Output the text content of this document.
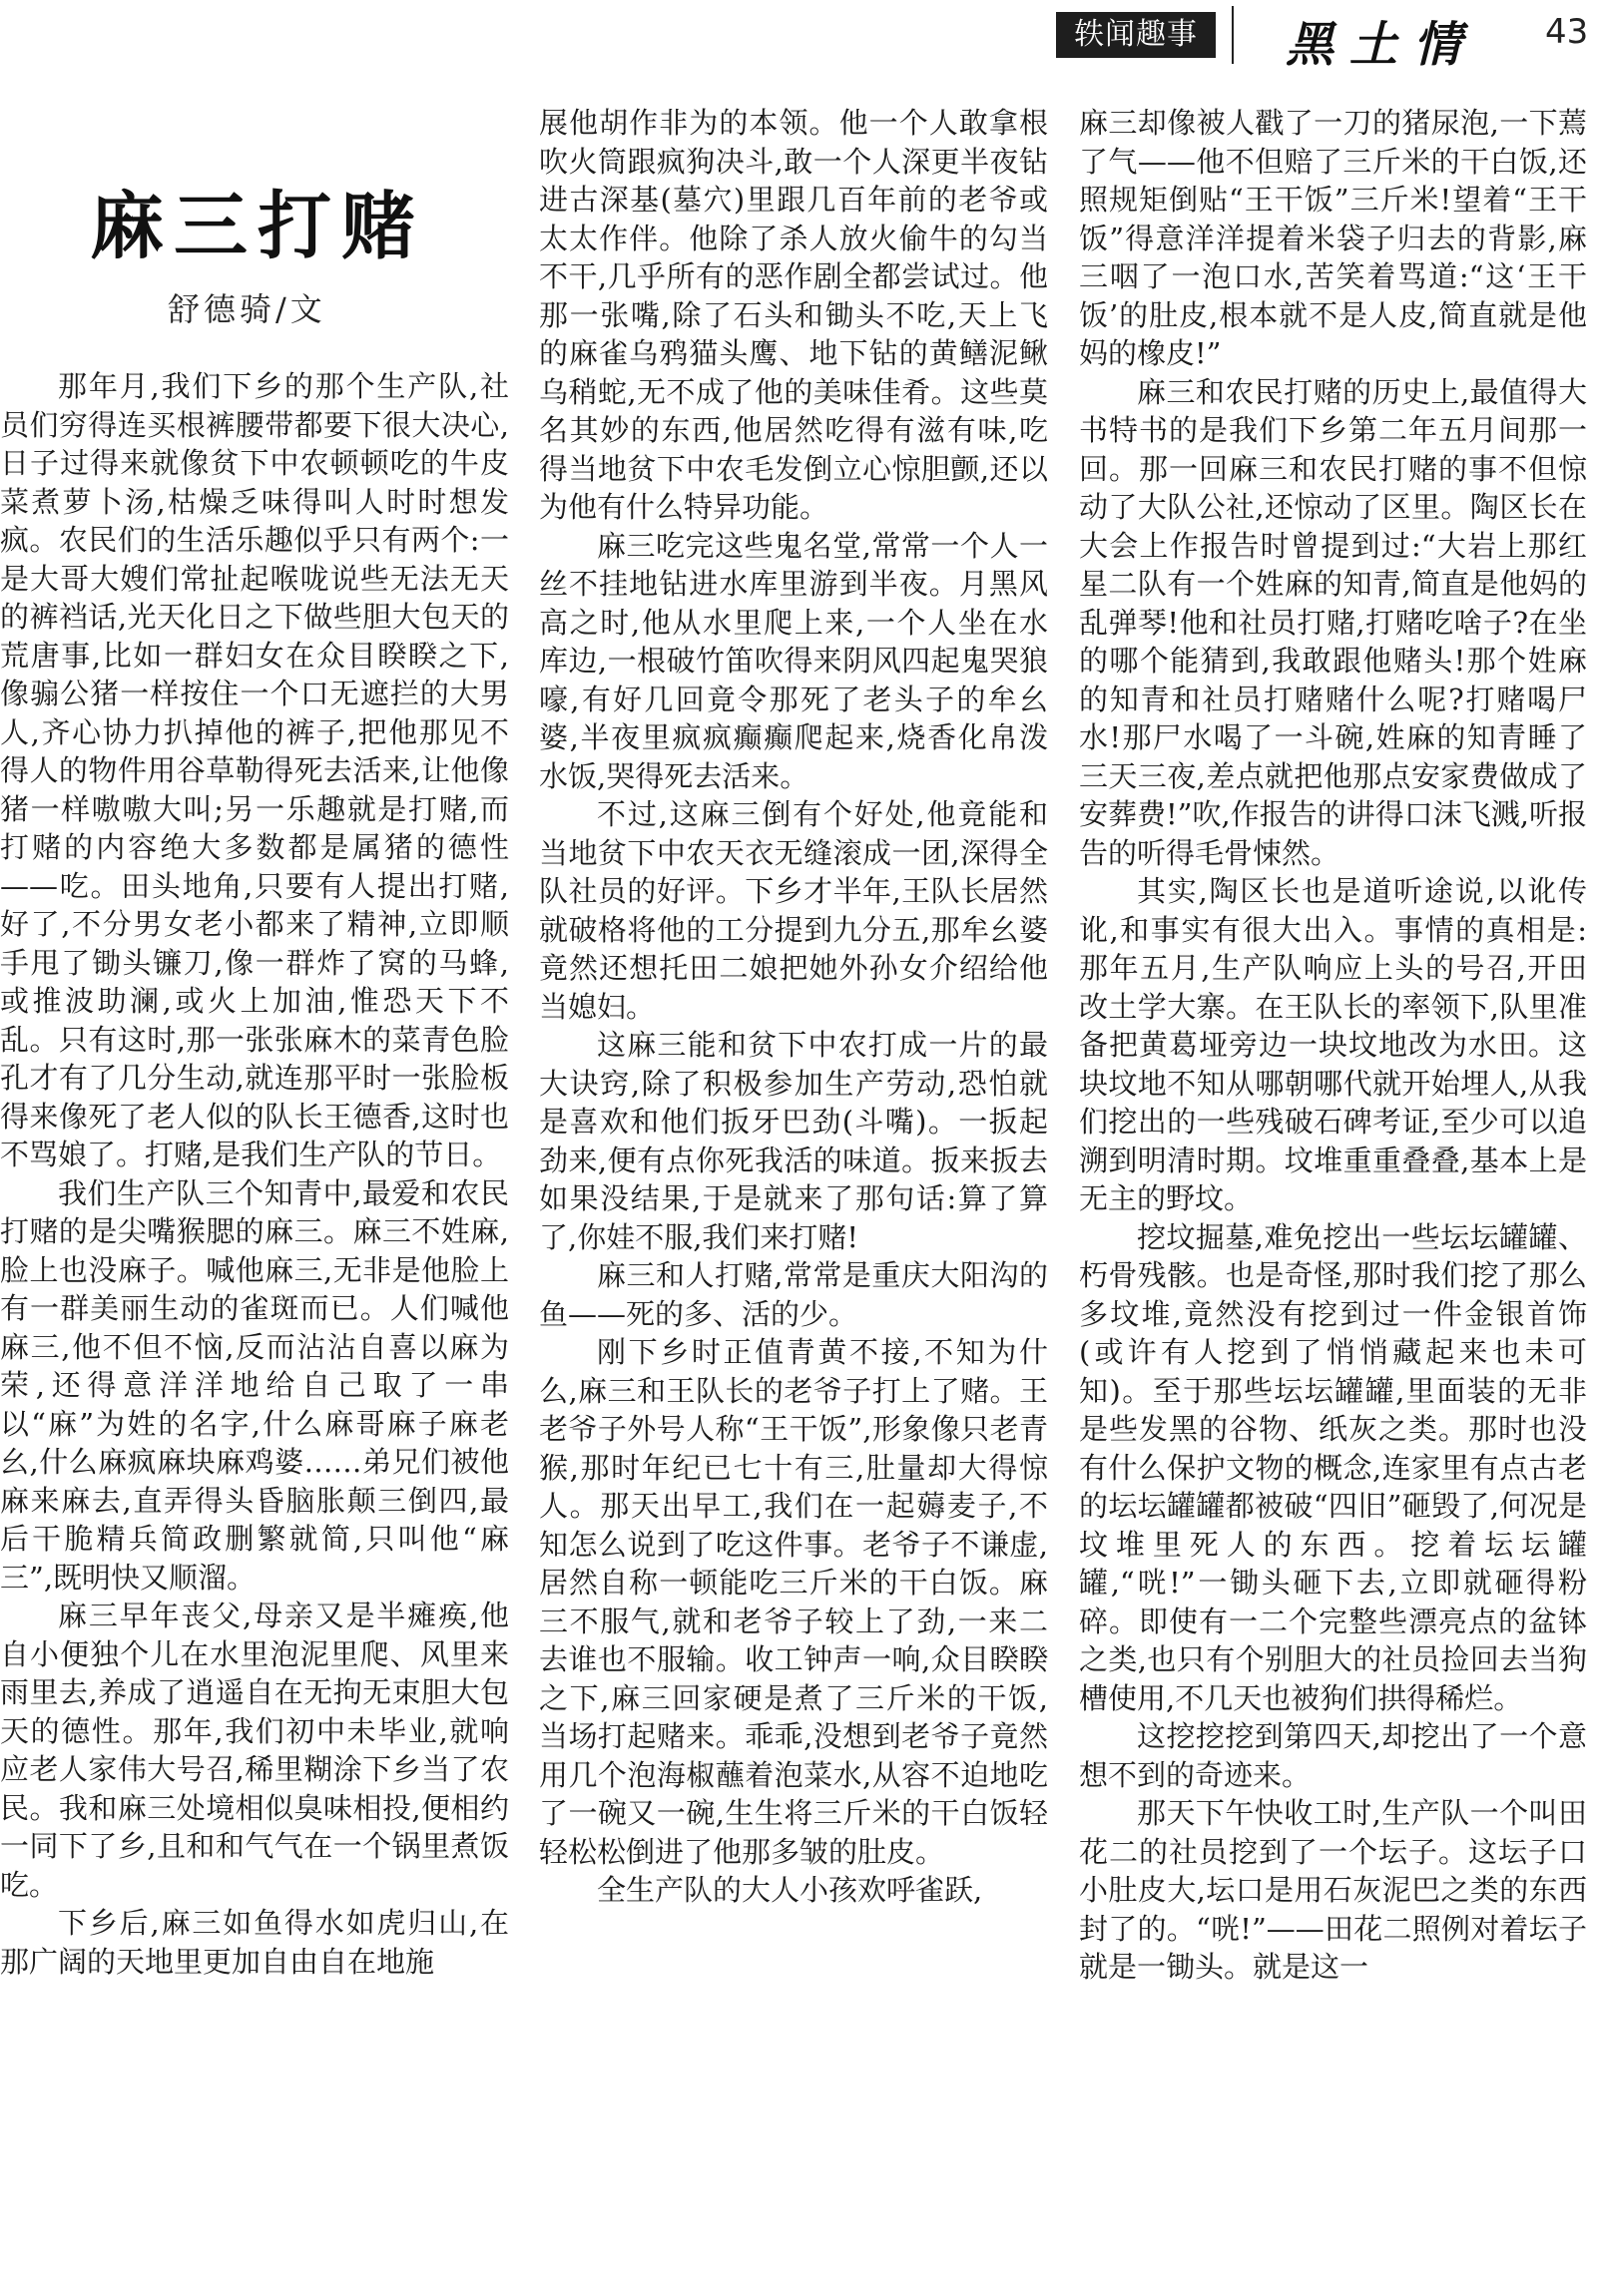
轶闻趣事	黑土情 43
麻三打赌
舒德骑/文

那年月,我们下乡的那个生产队,社员们穷得连买根裤腰带都要下很大决心,日子过得来就像贫下中农顿顿吃的牛皮菜煮萝卜汤,枯燥乏味得叫人时时想发疯。农民们的生活乐趣似乎只有两个:一是大哥大嫂们常扯起喉咙说些无法无天的裤裆话,光天化日之下做些胆大包天的荒唐事,比如一群妇女在众目睽睽之下,像骟公猪一样按住一个口无遮拦的大男人,齐心协力扒掉他的裤子,把他那见不得人的物件用谷草勒得死去活来,让他像猪一样嗷嗷大叫;另一乐趣就是打赌,而打赌的内容绝大多数都是属猪的德性——吃。田头地角,只要有人提出打赌,好了,不分男女老小都来了精神,立即顺手甩了锄头镰刀,像一群炸了窝的马蜂,或推波助澜,或火上加油,惟恐天下不乱。只有这时,那一张张麻木的菜青色脸孔才有了几分生动,就连那平时一张脸板得来像死了老人似的队长王德香,这时也不骂娘了。打赌,是我们生产队的节日。

我们生产队三个知青中,最爱和农民打赌的是尖嘴猴腮的麻三。麻三不姓麻,脸上也没麻子。喊他麻三,无非是他脸上有一群美丽生动的雀斑而已。人们喊他麻三,他不但不恼,反而沾沾自喜以麻为荣,还得意洋洋地给自己取了一串以“麻”为姓的名字,什么麻哥麻子麻老幺,什么麻疯麻块麻鸡婆……弟兄们被他麻来麻去,直弄得头昏脑胀颠三倒四,最后干脆精兵简政删繁就简,只叫他“麻三”,既明快又顺溜。

麻三早年丧父,母亲又是半瘫痪,他自小便独个儿在水里泡泥里爬、风里来雨里去,养成了逍遥自在无拘无束胆大包天的德性。那年,我们初中未毕业,就响应老人家伟大号召,稀里糊涂下乡当了农民。我和麻三处境相似臭味相投,便相约一同下了乡,且和和气气在一个锅里煮饭吃。

下乡后,麻三如鱼得水如虎归山,在那广阔的天地里更加自由自在地施

展他胡作非为的本领。他一个人敢拿根吹火筒跟疯狗决斗,敢一个人深更半夜钻进古深基(墓穴)里跟几百年前的老爷或太太作伴。他除了杀人放火偷牛的勾当不干,几乎所有的恶作剧全都尝试过。他那一张嘴,除了石头和锄头不吃,天上飞的麻雀乌鸦猫头鹰、地下钻的黄鳝泥鳅乌稍蛇,无不成了他的美味佳肴。这些莫名其妙的东西,他居然吃得有滋有味,吃得当地贫下中农毛发倒立心惊胆颤,还以为他有什么特异功能。

麻三吃完这些鬼名堂,常常一个人一丝不挂地钻进水库里游到半夜。月黑风高之时,他从水里爬上来,一个人坐在水库边,一根破竹笛吹得来阴风四起鬼哭狼嚎,有好几回竟令那死了老头子的牟幺婆,半夜里疯疯癫癫爬起来,烧香化帛泼水饭,哭得死去活来。

不过,这麻三倒有个好处,他竟能和当地贫下中农天衣无缝滚成一团,深得全队社员的好评。下乡才半年,王队长居然就破格将他的工分提到九分五,那牟幺婆竟然还想托田二娘把她外孙女介绍给他当媳妇。

这麻三能和贫下中农打成一片的最大诀窍,除了积极参加生产劳动,恐怕就是喜欢和他们扳牙巴劲(斗嘴)。一扳起劲来,便有点你死我活的味道。扳来扳去如果没结果,于是就来了那句话:算了算了,你娃不服,我们来打赌!

麻三和人打赌,常常是重庆大阳沟的鱼——死的多、活的少。

刚下乡时正值青黄不接,不知为什么,麻三和王队长的老爷子打上了赌。王老爷子外号人称“王干饭”,形象像只老青猴,那时年纪已七十有三,肚量却大得惊人。那天出早工,我们在一起薅麦子,不知怎么说到了吃这件事。老爷子不谦虚,居然自称一顿能吃三斤米的干白饭。麻三不服气,就和老爷子较上了劲,一来二去谁也不服输。收工钟声一响,众目睽睽之下,麻三回家硬是煮了三斤米的干饭,当场打起赌来。乖乖,没想到老爷子竟然用几个泡海椒蘸着泡菜水,从容不迫地吃了一碗又一碗,生生将三斤米的干白饭轻轻松松倒进了他那多皱的肚皮。

全生产队的大人小孩欢呼雀跃,

麻三却像被人戳了一刀的猪尿泡,一下蔫了气——他不但赔了三斤米的干白饭,还照规矩倒贴“王干饭”三斤米!望着“王干饭”得意洋洋提着米袋子归去的背影,麻三咽了一泡口水,苦笑着骂道:“这‘王干饭’的肚皮,根本就不是人皮,简直就是他妈的橡皮!”

麻三和农民打赌的历史上,最值得大书特书的是我们下乡第二年五月间那一回。那一回麻三和农民打赌的事不但惊动了大队公社,还惊动了区里。陶区长在大会上作报告时曾提到过:“大岩上那红星二队有一个姓麻的知青,简直是他妈的乱弹琴!他和社员打赌,打赌吃啥子?在坐的哪个能猜到,我敢跟他赌头!那个姓麻的知青和社员打赌赌什么呢?打赌喝尸水!那尸水喝了一斗碗,姓麻的知青睡了三天三夜,差点就把他那点安家费做成了安葬费!”吹,作报告的讲得口沫飞溅,听报告的听得毛骨悚然。

其实,陶区长也是道听途说,以讹传讹,和事实有很大出入。事情的真相是:那年五月,生产队响应上头的号召,开田改土学大寨。在王队长的率领下,队里准备把黄葛垭旁边一块坟地改为水田。这块坟地不知从哪朝哪代就开始埋人,从我们挖出的一些残破石碑考证,至少可以追溯到明清时期。坟堆重重叠叠,基本上是无主的野坟。

挖坟掘墓,难免挖出一些坛坛罐罐、朽骨残骸。也是奇怪,那时我们挖了那么多坟堆,竟然没有挖到过一件金银首饰(或许有人挖到了悄悄藏起来也未可知)。至于那些坛坛罐罐,里面装的无非是些发黑的谷物、纸灰之类。那时也没有什么保护文物的概念,连家里有点古老的坛坛罐罐都被破“四旧”砸毁了,何况是坟堆里死人的东西。挖着坛坛罐罐,“咣!”一锄头砸下去,立即就砸得粉碎。即使有一二个完整些漂亮点的盆钵之类,也只有个别胆大的社员捡回去当狗槽使用,不几天也被狗们拱得稀烂。

这挖挖挖到第四天,却挖出了一个意想不到的奇迹来。

那天下午快收工时,生产队一个叫田花二的社员挖到了一个坛子。这坛子口小肚皮大,坛口是用石灰泥巴之类的东西封了的。“咣!”——田花二照例对着坛子就是一锄头。就是这一
